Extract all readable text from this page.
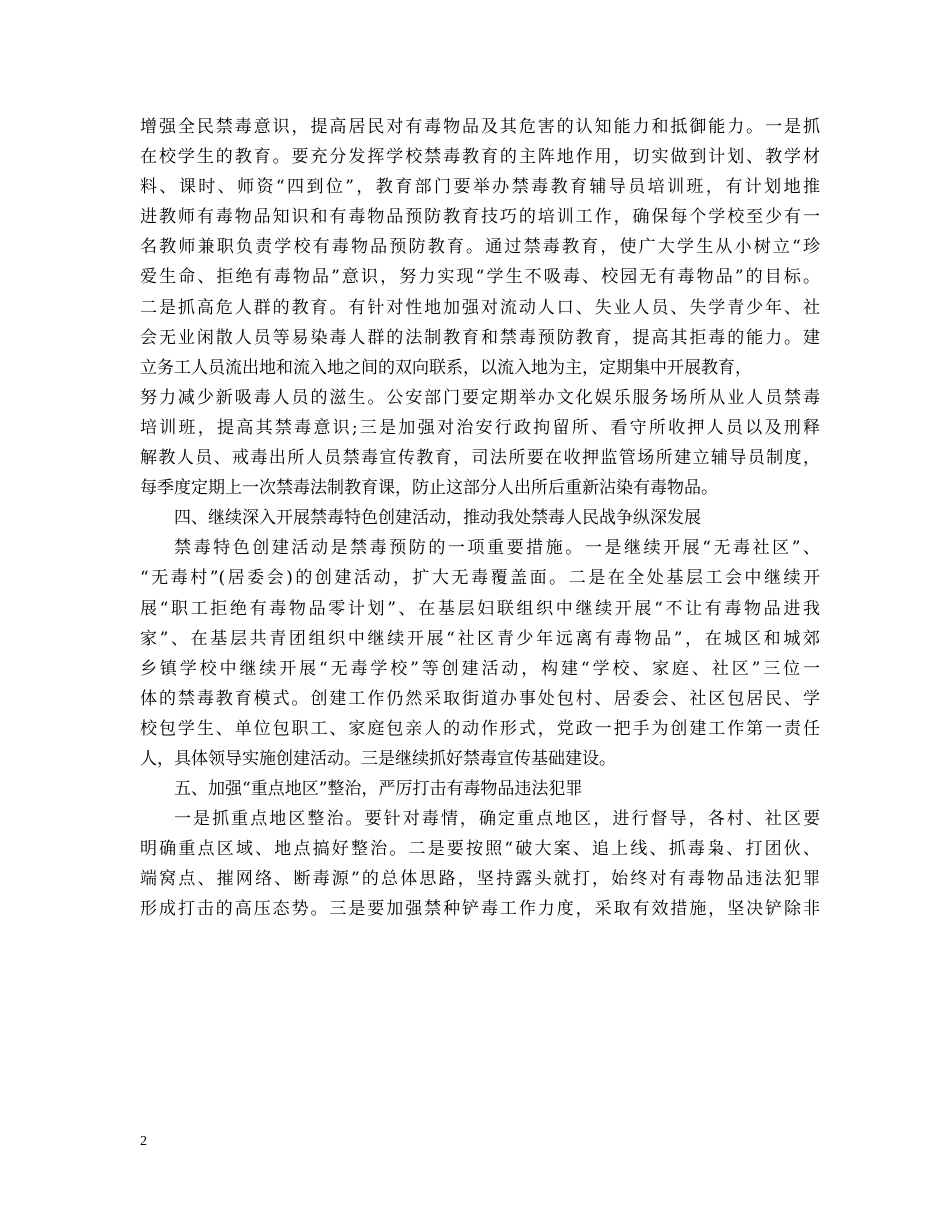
增强全民禁毒意识，提高居民对有毒物品及其危害的认知能力和抵御能力。一是抓
在校学生的教育。要充分发挥学校禁毒教育的主阵地作用，切实做到计划、教学材
料、课时、师资“四到位”，教育部门要举办禁毒教育辅导员培训班，有计划地推
进教师有毒物品知识和有毒物品预防教育技巧的培训工作，确保每个学校至少有一
名教师兼职负责学校有毒物品预防教育。通过禁毒教育，使广大学生从小树立“珍
爱生命、拒绝有毒物品”意识，努力实现“学生不吸毒、校园无有毒物品”的目标。
二是抓高危人群的教育。有针对性地加强对流动人口、失业人员、失学青少年、社
会无业闲散人员等易染毒人群的法制教育和禁毒预防教育，提高其拒毒的能力。建
立务工人员流出地和流入地之间的双向联系，以流入地为主，定期集中开展教育，
努力减少新吸毒人员的滋生。公安部门要定期举办文化娱乐服务场所从业人员禁毒
培训班，提高其禁毒意识;三是加强对治安行政拘留所、看守所收押人员以及刑释
解教人员、戒毒出所人员禁毒宣传教育，司法所要在收押监管场所建立辅导员制度，
每季度定期上一次禁毒法制教育课，防止这部分人出所后重新沾染有毒物品。
四、继续深入开展禁毒特色创建活动，推动我处禁毒人民战争纵深发展
禁毒特色创建活动是禁毒预防的一项重要措施。一是继续开展“无毒社区”、
“无毒村”(居委会)的创建活动，扩大无毒覆盖面。二是在全处基层工会中继续开
展“职工拒绝有毒物品零计划”、在基层妇联组织中继续开展“不让有毒物品进我
家”、在基层共青团组织中继续开展“社区青少年远离有毒物品”，在城区和城郊
乡镇学校中继续开展“无毒学校”等创建活动，构建“学校、家庭、社区”三位一
体的禁毒教育模式。创建工作仍然采取街道办事处包村、居委会、社区包居民、学
校包学生、单位包职工、家庭包亲人的动作形式，党政一把手为创建工作第一责任
人，具体领导实施创建活动。三是继续抓好禁毒宣传基础建设。
五、加强“重点地区”整治，严厉打击有毒物品违法犯罪
一是抓重点地区整治。要针对毒情，确定重点地区，进行督导，各村、社区要
明确重点区域、地点搞好整治。二是要按照“破大案、追上线、抓毒枭、打团伙、
端窝点、摧网络、断毒源”的总体思路，坚持露头就打，始终对有毒物品违法犯罪
形成打击的高压态势。三是要加强禁种铲毒工作力度，采取有效措施，坚决铲除非
2
